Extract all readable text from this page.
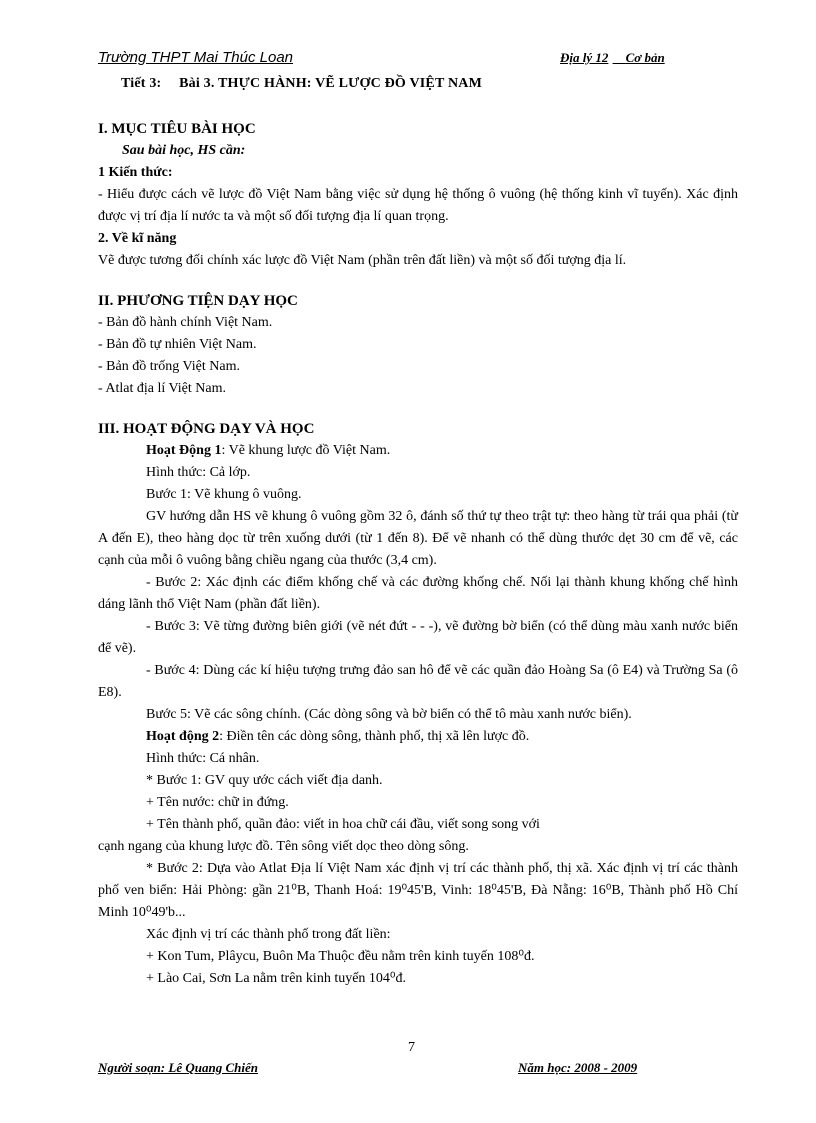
Trường THPT Mai Thúc Loan	Địa lý 12 Cơ bản
Tiết 3: Bài 3. THỰC HÀNH: VẼ LƯỢC ĐỒ VIỆT NAM

I. MỤC TIÊU BÀI HỌC

Sau bài học, HS cần:

1 Kiến thức:

- Hiểu được cách vẽ lược đồ Việt Nam bằng việc sử dụng hệ thống ô vuông (hệ thống kinh vĩ tuyến). Xác định được vị trí địa lí nước ta và một số đối tượng địa lí quan trọng.

2. Về kĩ năng

Vẽ được tương đối chính xác lược đồ Việt Nam (phần trên đất liền) và một số đối tượng địa lí.

II. PHƯƠNG TIỆN DẠY HỌC

- Bản đồ hành chính Việt Nam.

- Bản đồ tự nhiên Việt Nam.

- Bản đồ trống Việt Nam.

- Atlat địa lí Việt Nam.

III. HOẠT ĐỘNG DẠY VÀ HỌC

Hoạt Động 1: Vẽ khung lược đồ Việt Nam.

Hình thức: Cả lớp.

Bước 1: Vẽ khung ô vuông.

GV hướng dẫn HS vẽ khung ô vuông gồm 32 ô, đánh số thứ tự theo trật tự: theo hàng từ trái qua phải (từ A đến E), theo hàng dọc từ trên xuống dưới (từ 1 đến 8). Để vẽ nhanh có thể dùng thước dẹt 30 cm để vẽ, các cạnh của mỗi ô vuông bằng chiều ngang của thước (3,4 cm).

- Bước 2: Xác định các điểm khống chế và các đường khống chế. Nối lại thành khung khống chế hình dáng lãnh thổ Việt Nam (phần đất liền).

- Bước 3: Vẽ từng đường biên giới (vẽ nét đứt - - -), vẽ đường bờ biển (có thể dùng màu xanh nước biển để vẽ).

- Bước 4: Dùng các kí hiệu tượng trưng đảo san hô để vẽ các quần đảo Hoàng Sa (ô E4) và Trường Sa (ô E8).

Bước 5: Vẽ các sông chính. (Các dòng sông và bờ biển có thể tô màu xanh nước biển).

Hoạt động 2: Điền tên các dòng sông, thành phố, thị xã lên lược đồ.

Hình thức: Cá nhân.

* Bước 1: GV quy ước cách viết địa danh.

+ Tên nước: chữ in đứng.

+ Tên thành phố, quần đảo: viết in hoa chữ cái đầu, viết song song với

cạnh ngang của khung lược đồ. Tên sông viết dọc theo dòng sông.

* Bước 2: Dựa vào Atlat Địa lí Việt Nam xác định vị trí các thành phố, thị xã. Xác định vị trí các thành phố ven biển: Hải Phòng: gần 21⁰B, Thanh Hoá: 19⁰45'B, Vinh: 18⁰45'B, Đà Nẵng: 16⁰B, Thành phố Hồ Chí Minh 10⁰49'b...

Xác định vị trí các thành phố trong đất liền:

+ Kon Tum, Plâycu, Buôn Ma Thuộc đều nằm trên kinh tuyến 108⁰đ.

+ Lào Cai, Sơn La nằm trên kinh tuyến 104⁰đ.

7
Người soạn: Lê Quang Chiến	Năm học: 2008 - 2009
